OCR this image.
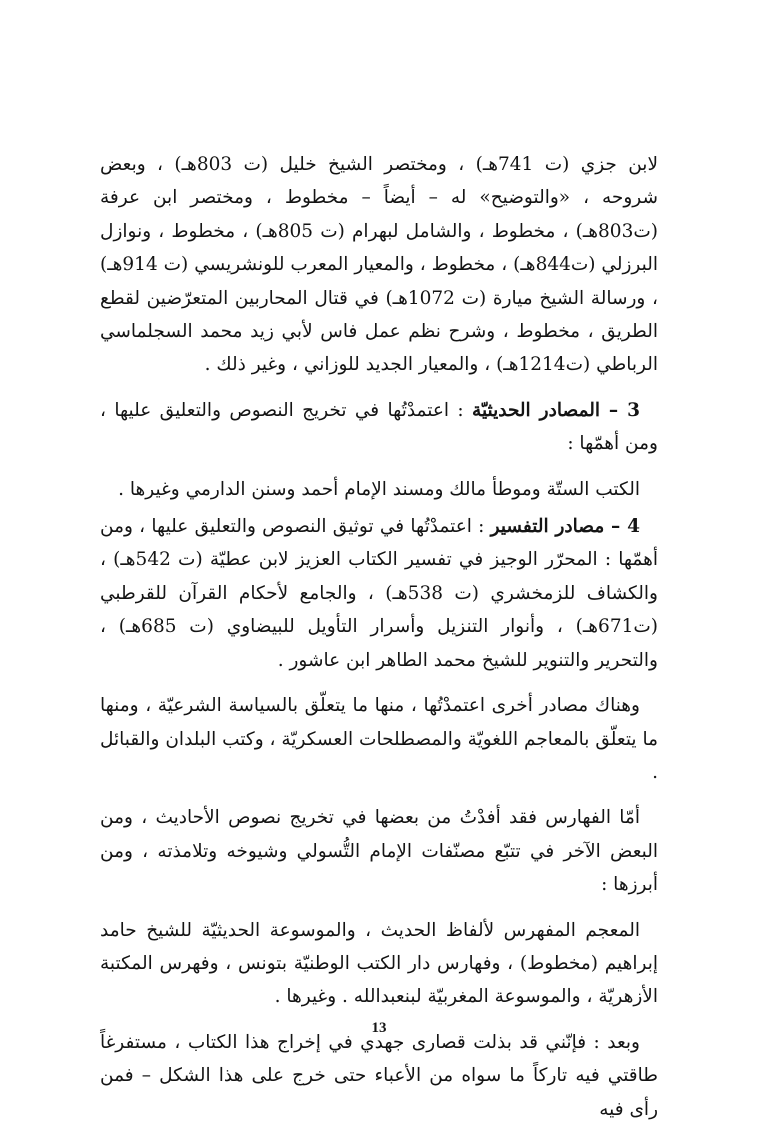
لابن جزي (ت 741هـ) ، ومختصر الشيخ خليل (ت 803هـ) ، وبعض شروحه ، «والتوضيح» له – أيضاً – مخطوط ، ومختصر ابن عرفة (ت803هـ) ، مخطوط ، والشامل لبهرام (ت 805هـ) ، مخطوط ، ونوازل البرزلي (ت844هـ) ، مخطوط ، والمعيار المعرب للونشريسي (ت 914هـ) ، ورسالة الشيخ ميارة (ت 1072هـ) في قتال المحاربين المتعرّضين لقطع الطريق ، مخطوط ، وشرح نظم عمل فاس لأبي زيد محمد السجلماسي الرباطي (ت1214هـ) ، والمعيار الجديد للوزاني ، وغير ذلك .

3 – المصادر الحديثيّة : اعتمدْتُها في تخريج النصوص والتعليق عليها ، ومن أهمّها :

الكتب الستّة وموطأ مالك ومسند الإمام أحمد وسنن الدارمي وغيرها .

4 – مصادر التفسير : اعتمدْتُها في توثيق النصوص والتعليق عليها ، ومن أهمّها : المحرّر الوجيز في تفسير الكتاب العزيز لابن عطيّة (ت 542هـ) ، والكشاف للزمخشري (ت 538هـ) ، والجامع لأحكام القرآن للقرطبي (ت671هـ) ، وأنوار التنزيل وأسرار التأويل للبيضاوي (ت 685هـ) ، والتحرير والتنوير للشيخ محمد الطاهر ابن عاشور .

وهناك مصادر أخرى اعتمدْتُها ، منها ما يتعلّق بالسياسة الشرعيّة ، ومنها ما يتعلّق بالمعاجم اللغويّة والمصطلحات العسكريّة ، وكتب البلدان والقبائل .

أمّا الفهارس فقد أفدْتُ من بعضها في تخريج نصوص الأحاديث ، ومن البعض الآخر في تتبّع مصنّفات الإمام التُّسولي وشيوخه وتلامذته ، ومن أبرزها :

المعجم المفهرس لألفاظ الحديث ، والموسوعة الحديثيّة للشيخ حامد إبراهيم (مخطوط) ، وفهارس دار الكتب الوطنيّة بتونس ، وفهرس المكتبة الأزهريّة ، والموسوعة المغربيّة لبنعبدالله . وغيرها .

وبعد : فإنّني قد بذلت قصارى جهدي في إخراج هذا الكتاب ، مستفرغاً طاقتي فيه تاركاً ما سواه من الأعباء حتى خرج على هذا الشكل – فمن رأى فيه

13
